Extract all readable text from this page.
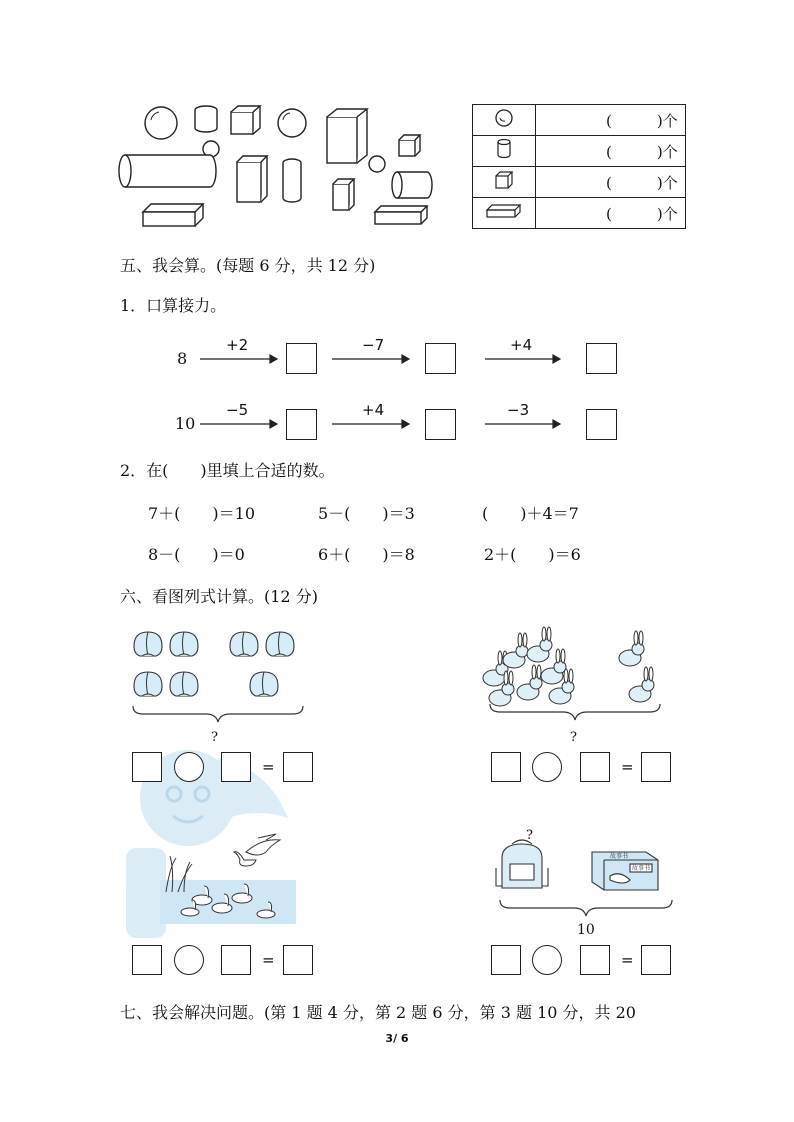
	(　　　)个
	(　　　)个
	(　　　)个
	(　　　)个
五、我会算。(每题 6 分，共 12 分)
1．口算接力。
8
+2	−7	+4
10
−5	+4	−3
2．在(　　)里填上合适的数。
7＋(　　)＝10	5－(　　)＝3	(　　)＋4＝7
8－(　　)＝0	6＋(　　)＝8	2＋(　　)＝6
六、看图列式计算。(12 分)
?
=
?
=
=
?
故事书
故事书
10
=
七、我会解决问题。(第 1 题 4 分，第 2 题 6 分，第 3 题 10 分，共 20
3/ 6
